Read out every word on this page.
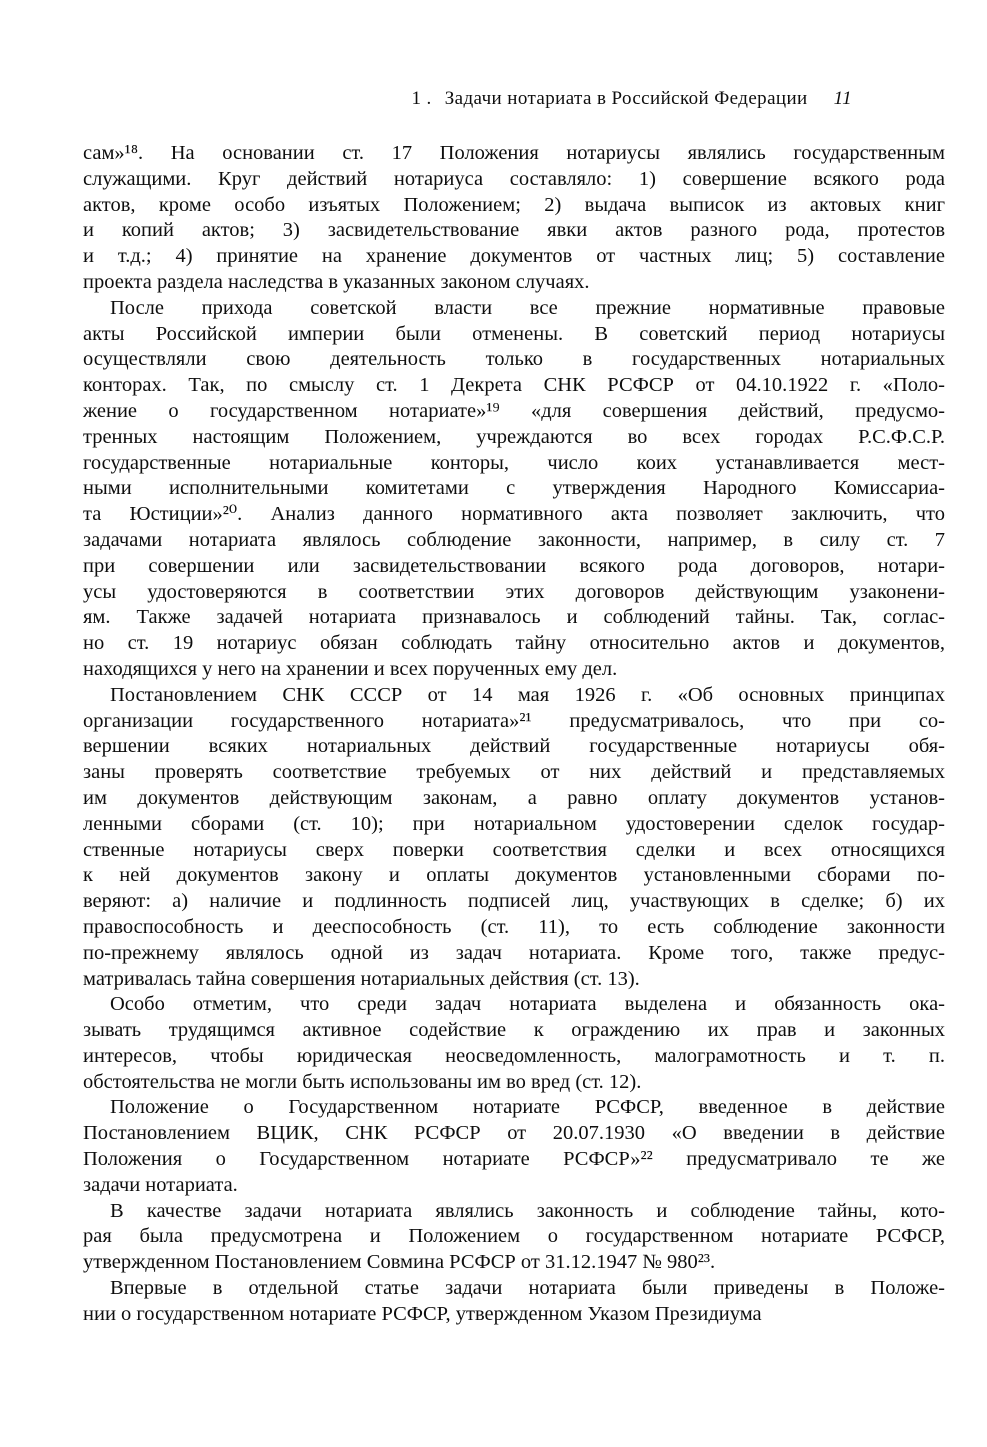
1 . Задачи нотариата в Российской Федерации 11
сам»¹⁸. На основании ст. 17 Положения нотариусы являлись государственным
служащими. Круг действий нотариуса составляло: 1) совершение всякого рода
актов, кроме особо изъятых Положением; 2) выдача выписок из актовых книг
и копий актов; 3) засвидетельствование явки актов разного рода, протестов
и т.д.; 4) принятие на хранение документов от частных лиц; 5) составление
проекта раздела наследства в указанных законом случаях.
После прихода советской власти все прежние нормативные правовые
акты Российской империи были отменены. В советский период нотариусы
осуществляли свою деятельность только в государственных нотариальных
конторах. Так, по смыслу ст. 1 Декрета СНК РСФСР от 04.10.1922 г. «Поло-
жение о государственном нотариате»¹⁹ «для совершения действий, предусмо-
тренных настоящим Положением, учреждаются во всех городах Р.С.Ф.С.Р.
государственные нотариальные конторы, число коих устанавливается мест-
ными исполнительными комитетами с утверждения Народного Комиссариа-
та Юстиции»²⁰. Анализ данного нормативного акта позволяет заключить, что
задачами нотариата являлось соблюдение законности, например, в силу ст. 7
при совершении или засвидетельствовании всякого рода договоров, нотари-
усы удостоверяются в соответствии этих договоров действующим узаконени-
ям. Также задачей нотариата признавалось и соблюдений тайны. Так, соглас-
но ст. 19 нотариус обязан соблюдать тайну относительно актов и документов,
находящихся у него на хранении и всех порученных ему дел.
Постановлением СНК СССР от 14 мая 1926 г. «Об основных принципах
организации государственного нотариата»²¹ предусматривалось, что при со-
вершении всяких нотариальных действий государственные нотариусы обя-
заны проверять соответствие требуемых от них действий и представляемых
им документов действующим законам, а равно оплату документов установ-
ленными сборами (ст. 10); при нотариальном удостоверении сделок государ-
ственные нотариусы сверх поверки соответствия сделки и всех относящихся
к ней документов закону и оплаты документов установленными сборами по-
веряют: а) наличие и подлинность подписей лиц, участвующих в сделке; б) их
правоспособность и дееспособность (ст. 11), то есть соблюдение законности
по-прежнему являлось одной из задач нотариата. Кроме того, также предус-
матривалась тайна совершения нотариальных действия (ст. 13).
Особо отметим, что среди задач нотариата выделена и обязанность ока-
зывать трудящимся активное содействие к ограждению их прав и законных
интересов, чтобы юридическая неосведомленность, малограмотность и т. п.
обстоятельства не могли быть использованы им во вред (ст. 12).
Положение о Государственном нотариате РСФСР, введенное в действие
Постановлением ВЦИК, СНК РСФСР от 20.07.1930 «О введении в действие
Положения о Государственном нотариате РСФСР»²² предусматривало те же
задачи нотариата.
В качестве задачи нотариата являлись законность и соблюдение тайны, кото-
рая была предусмотрена и Положением о государственном нотариате РСФСР,
утвержденном Постановлением Совмина РСФСР от 31.12.1947 № 980²³.
Впервые в отдельной статье задачи нотариата были приведены в Положе-
нии о государственном нотариате РСФСР, утвержденном Указом Президиума
